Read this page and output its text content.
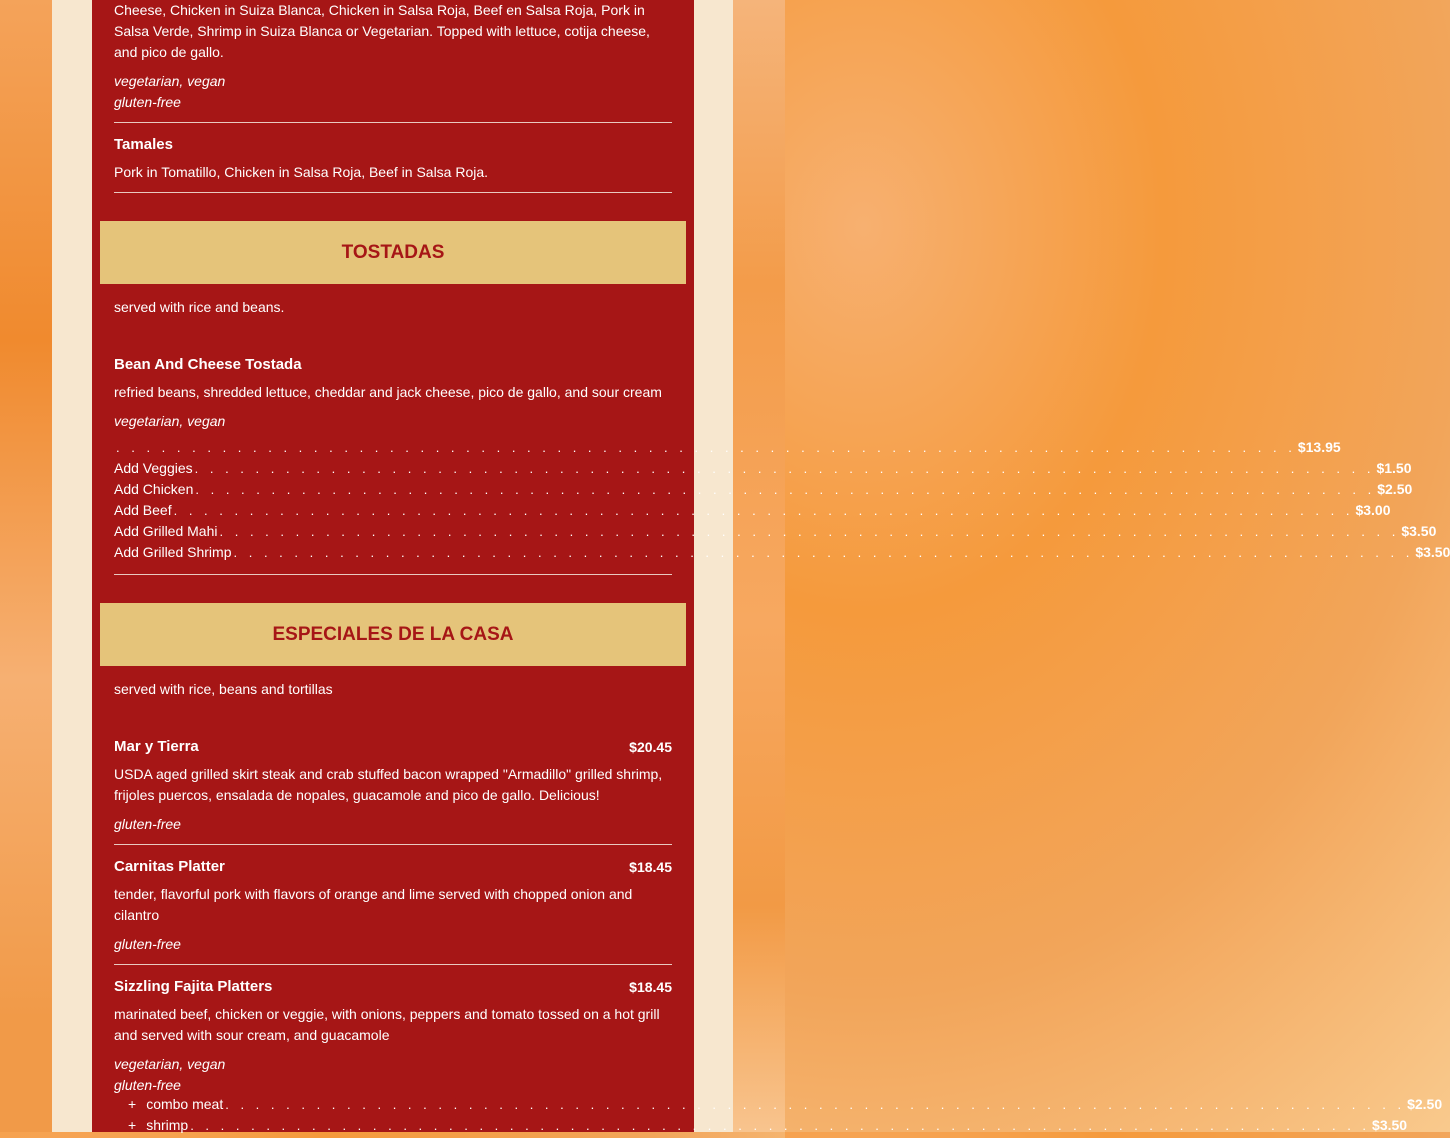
Cheese, Chicken in Suiza Blanca, Chicken in Salsa Roja, Beef en Salsa Roja, Pork in Salsa Verde, Shrimp in Suiza Blanca or Vegetarian. Topped with lettuce, cotija cheese, and pico de gallo.
vegetarian, vegan
gluten-free
Tamales
Pork in Tomatillo, Chicken in Salsa Roja, Beef in Salsa Roja.
TOSTADAS
served with rice and beans.
Bean And Cheese Tostada
refried beans, shredded lettuce, cheddar and jack cheese, pico de gallo, and sour cream
vegetarian, vegan
. . . . . . . . . . . . . . . . . . . . . . . . . . . . . . . . . . . . . . . . . . . . . . . . . . . . . . . . . . . . . . . . . . . . . . . . . . . . . . $13.95
Add Veggies . . . . . . . . . . . . . . . . . . . . . . . . . . . . . . . . . . . . . . . . . . . . . . . . . . . . . . . . . . . . . . . . . . . . . . . . . . . . . . $1.50
Add Chicken . . . . . . . . . . . . . . . . . . . . . . . . . . . . . . . . . . . . . . . . . . . . . . . . . . . . . . . . . . . . . . . . . . . . . . . . . . . . . . $2.50
Add Beef . . . . . . . . . . . . . . . . . . . . . . . . . . . . . . . . . . . . . . . . . . . . . . . . . . . . . . . . . . . . . . . . . . . . . . . . . . . . . . $3.00
Add Grilled Mahi . . . . . . . . . . . . . . . . . . . . . . . . . . . . . . . . . . . . . . . . . . . . . . . . . . . . . . . . . . . . . . . . . . . . . . . . . . . . . . $3.50
Add Grilled Shrimp . . . . . . . . . . . . . . . . . . . . . . . . . . . . . . . . . . . . . . . . . . . . . . . . . . . . . . . . . . . . . . . . . . . . . . . . . . . . . . $3.50
ESPECIALES DE LA CASA
served with rice, beans and tortillas
Mar y Tierra	$20.45
USDA aged grilled skirt steak and crab stuffed bacon wrapped "Armadillo" grilled shrimp, frijoles puercos, ensalada de nopales, guacamole and pico de gallo. Delicious!
gluten-free
Carnitas Platter	$18.45
tender, flavorful pork with flavors of orange and lime served with chopped onion and cilantro
gluten-free
Sizzling Fajita Platters	$18.45
marinated beef, chicken or veggie, with onions, peppers and tomato tossed on a hot grill and served with sour cream, and guacamole
vegetarian, vegan
gluten-free
+ combo meat . . . . . . . . . . . . . . . . . . . . . . . . . . . . . . . . . . . . . . . . . . . . . . . . . . . . . . . . . . . . . . . . . . . . . . . . . . . . . . $2.50
+ shrimp . . . . . . . . . . . . . . . . . . . . . . . . . . . . . . . . . . . . . . . . . . . . . . . . . . . . . . . . . . . . . . . . . . . . . . . . . . . . . . $3.50
